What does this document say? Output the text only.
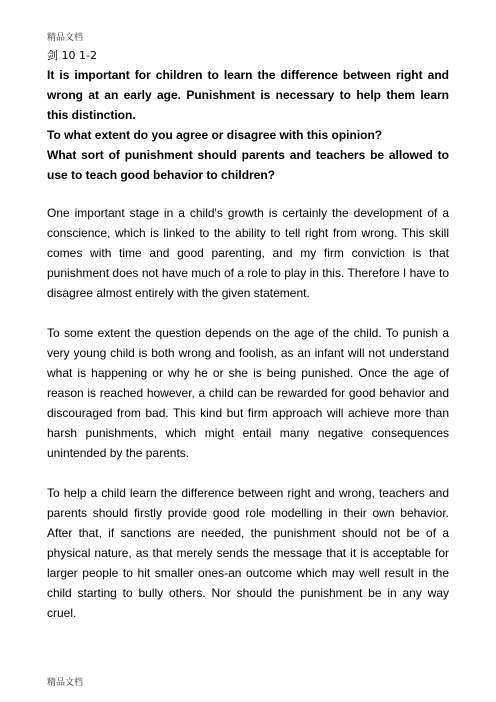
精品文档
剑 10 1-2

It is important for children to learn the difference between right and wrong at an early age. Punishment is necessary to help them learn this distinction.

To what extent do you agree or disagree with this opinion?

What sort of punishment should parents and teachers be allowed to use to teach good behavior to children?

One important stage in a child's growth is certainly the development of a conscience, which is linked to the ability to tell right from wrong. This skill comes with time and good parenting, and my firm conviction is that punishment does not have much of a role to play in this. Therefore I have to disagree almost entirely with the given statement.

To some extent the question depends on the age of the child. To punish a very young child is both wrong and foolish, as an infant will not understand what is happening or why he or she is being punished. Once the age of reason is reached however, a child can be rewarded for good behavior and discouraged from bad. This kind but firm approach will achieve more than harsh punishments, which might entail many negative consequences unintended by the parents.

To help a child learn the difference between right and wrong, teachers and parents should firstly provide good role modelling in their own behavior. After that, if sanctions are needed, the punishment should not be of a physical nature, as that merely sends the message that it is acceptable for larger people to hit smaller ones-an outcome which may well result in the child starting to bully others. Nor should the punishment be in any way cruel.

精品文档
